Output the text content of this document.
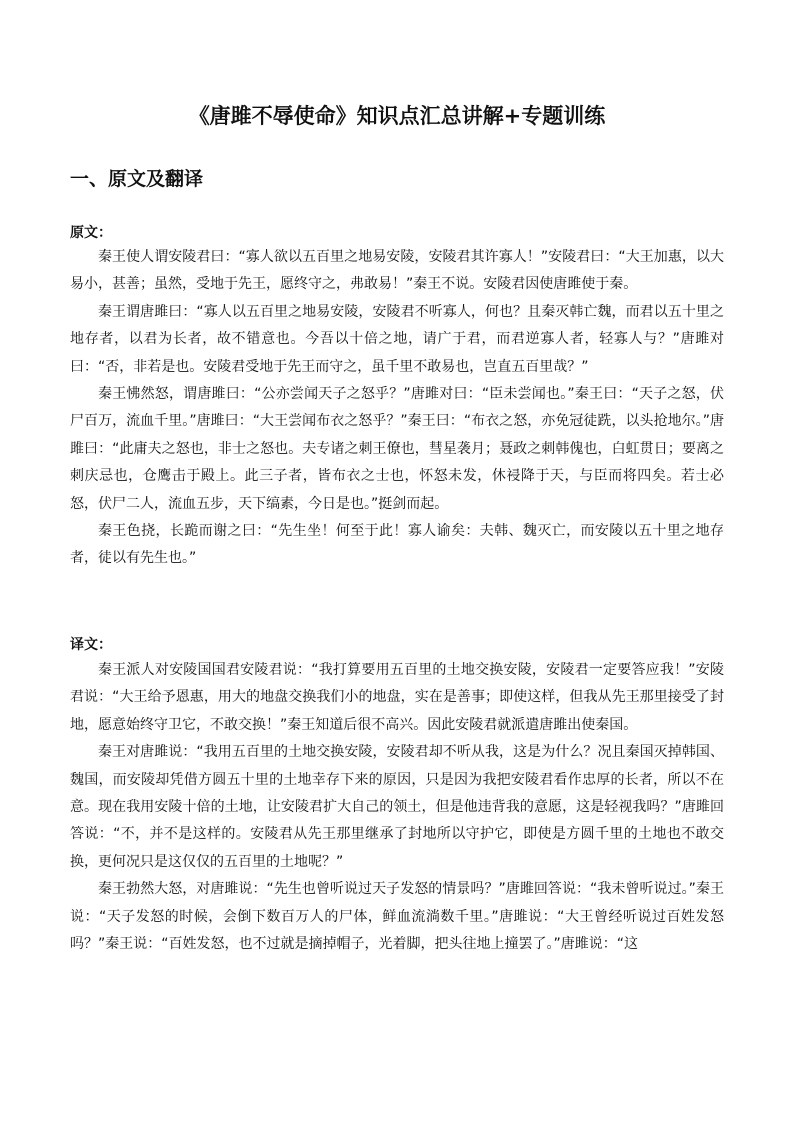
《唐雎不辱使命》知识点汇总讲解+专题训练
一、原文及翻译
原文：

秦王使人谓安陵君曰：“寡人欲以五百里之地易安陵，安陵君其许寡人！”安陵君曰：“大王加惠，以大易小，甚善；虽然，受地于先王，愿终守之，弗敢易！”秦王不说。安陵君因使唐雎使于秦。

秦王谓唐雎曰：“寡人以五百里之地易安陵，安陵君不听寡人，何也？且秦灭韩亡魏，而君以五十里之地存者，以君为长者，故不错意也。今吾以十倍之地，请广于君，而君逆寡人者，轻寡人与？”唐雎对曰：“否，非若是也。安陵君受地于先王而守之，虽千里不敢易也，岂直五百里哉？”

秦王怫然怒，谓唐雎曰：“公亦尝闻天子之怒乎？”唐雎对曰：“臣未尝闻也。”秦王曰：“天子之怒，伏尸百万，流血千里。”唐雎曰：“大王尝闻布衣之怒乎？”秦王曰：“布衣之怒，亦免冠徒跣，以头抢地尔。”唐雎曰：“此庸夫之怒也，非士之怒也。夫专诸之刺王僚也，彗星袭月；聂政之刺韩傀也，白虹贯日；要离之刺庆忌也，仓鹰击于殿上。此三子者，皆布衣之士也，怀怒未发，休祲降于天，与臣而将四矣。若士必怒，伏尸二人，流血五步，天下缟素，今日是也。”挺剑而起。

秦王色挠，长跪而谢之曰：“先生坐！何至于此！寡人谕矣：夫韩、魏灭亡，而安陵以五十里之地存者，徒以有先生也。”

译文：

秦王派人对安陵国国君安陵君说：“我打算要用五百里的土地交换安陵，安陵君一定要答应我！”安陵君说：“大王给予恩惠，用大的地盘交换我们小的地盘，实在是善事；即使这样，但我从先王那里接受了封地，愿意始终守卫它，不敢交换！”秦王知道后很不高兴。因此安陵君就派遣唐雎出使秦国。

秦王对唐雎说：“我用五百里的土地交换安陵，安陵君却不听从我，这是为什么？况且秦国灭掉韩国、魏国，而安陵却凭借方圆五十里的土地幸存下来的原因，只是因为我把安陵君看作忠厚的长者，所以不在意。现在我用安陵十倍的土地，让安陵君扩大自己的领土，但是他违背我的意愿，这是轻视我吗？”唐雎回答说：“不，并不是这样的。安陵君从先王那里继承了封地所以守护它，即使是方圆千里的土地也不敢交换，更何况只是这仅仅的五百里的土地呢？”

秦王勃然大怒，对唐雎说：“先生也曾听说过天子发怒的情景吗？”唐雎回答说：“我未曾听说过。”秦王说：“天子发怒的时候，会倒下数百万人的尸体，鲜血流淌数千里。”唐雎说：“大王曾经听说过百姓发怒吗？”秦王说：“百姓发怒，也不过就是摘掉帽子，光着脚，把头往地上撞罢了。”唐雎说：“这
